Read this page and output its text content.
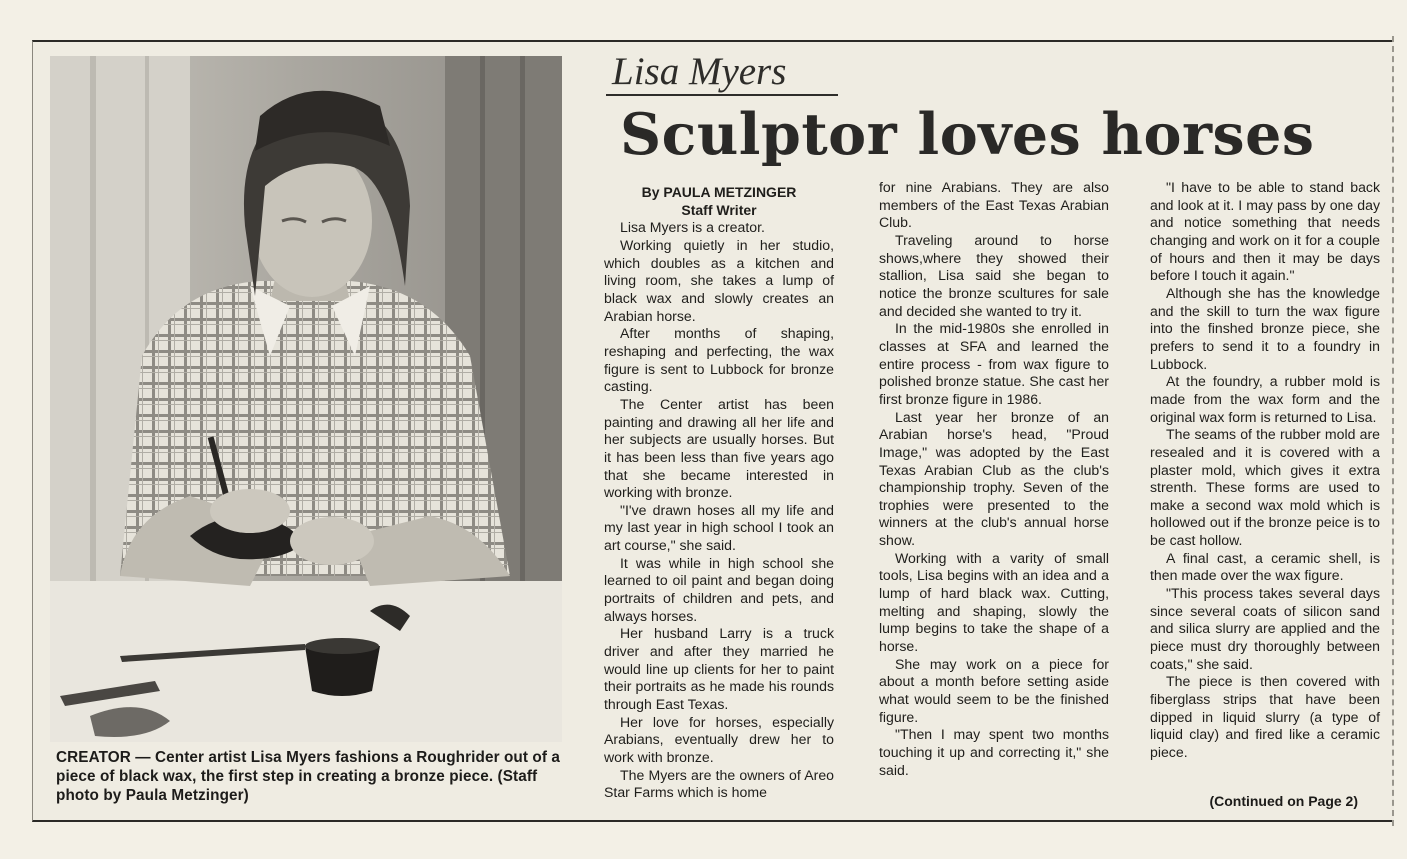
CREATOR — Center artist Lisa Myers fashions a Roughrider out of a piece of black wax, the first step in creating a bronze piece. (Staff photo by Paula Metzinger)
Lisa Myers
Sculptor loves horses
By PAULA METZINGER
Staff Writer

Lisa Myers is a creator.

Working quietly in her studio, which doubles as a kitchen and living room, she takes a lump of black wax and slowly creates an Arabian horse.

After months of shaping, reshaping and perfecting, the wax figure is sent to Lubbock for bronze casting.

The Center artist has been painting and drawing all her life and her subjects are usually horses. But it has been less than five years ago that she became interested in working with bronze.

"I've drawn hoses all my life and my last year in high school I took an art course," she said.

It was while in high school she learned to oil paint and began doing portraits of children and pets, and always horses.

Her husband Larry is a truck driver and after they married he would line up clients for her to paint their portraits as he made his rounds through East Texas.

Her love for horses, especially Arabians, eventually drew her to work with bronze.

The Myers are the owners of Areo Star Farms which is home

for nine Arabians. They are also members of the East Texas Arabian Club.

Traveling around to horse shows,where they showed their stallion, Lisa said she began to notice the bronze scultures for sale and decided she wanted to try it.

In the mid-1980s she enrolled in classes at SFA and learned the entire process - from wax figure to polished bronze statue. She cast her first bronze figure in 1986.

Last year her bronze of an Arabian horse's head, "Proud Image," was adopted by the East Texas Arabian Club as the club's championship trophy. Seven of the trophies were presented to the winners at the club's annual horse show.

Working with a varity of small tools, Lisa begins with an idea and a lump of hard black wax. Cutting, melting and shaping, slowly the lump begins to take the shape of a horse.

She may work on a piece for about a month before setting aside what would seem to be the finished figure.

"Then I may spent two months touching it up and correcting it," she said.

"I have to be able to stand back and look at it. I may pass by one day and notice something that needs changing and work on it for a couple of hours and then it may be days before I touch it again."

Although she has the knowledge and the skill to turn the wax figure into the finshed bronze piece, she prefers to send it to a foundry in Lubbock.

At the foundry, a rubber mold is made from the wax form and the original wax form is returned to Lisa.

The seams of the rubber mold are resealed and it is covered with a plaster mold, which gives it extra strenth. These forms are used to make a second wax mold which is hollowed out if the bronze peice is to be cast hollow.

A final cast, a ceramic shell, is then made over the wax figure.

"This process takes several days since several coats of silicon sand and silica slurry are applied and the piece must dry thoroughly between coats," she said.

The piece is then covered with fiberglass strips that have been dipped in liquid slurry (a type of liquid clay) and fired like a ceramic piece.

(Continued on Page 2)
